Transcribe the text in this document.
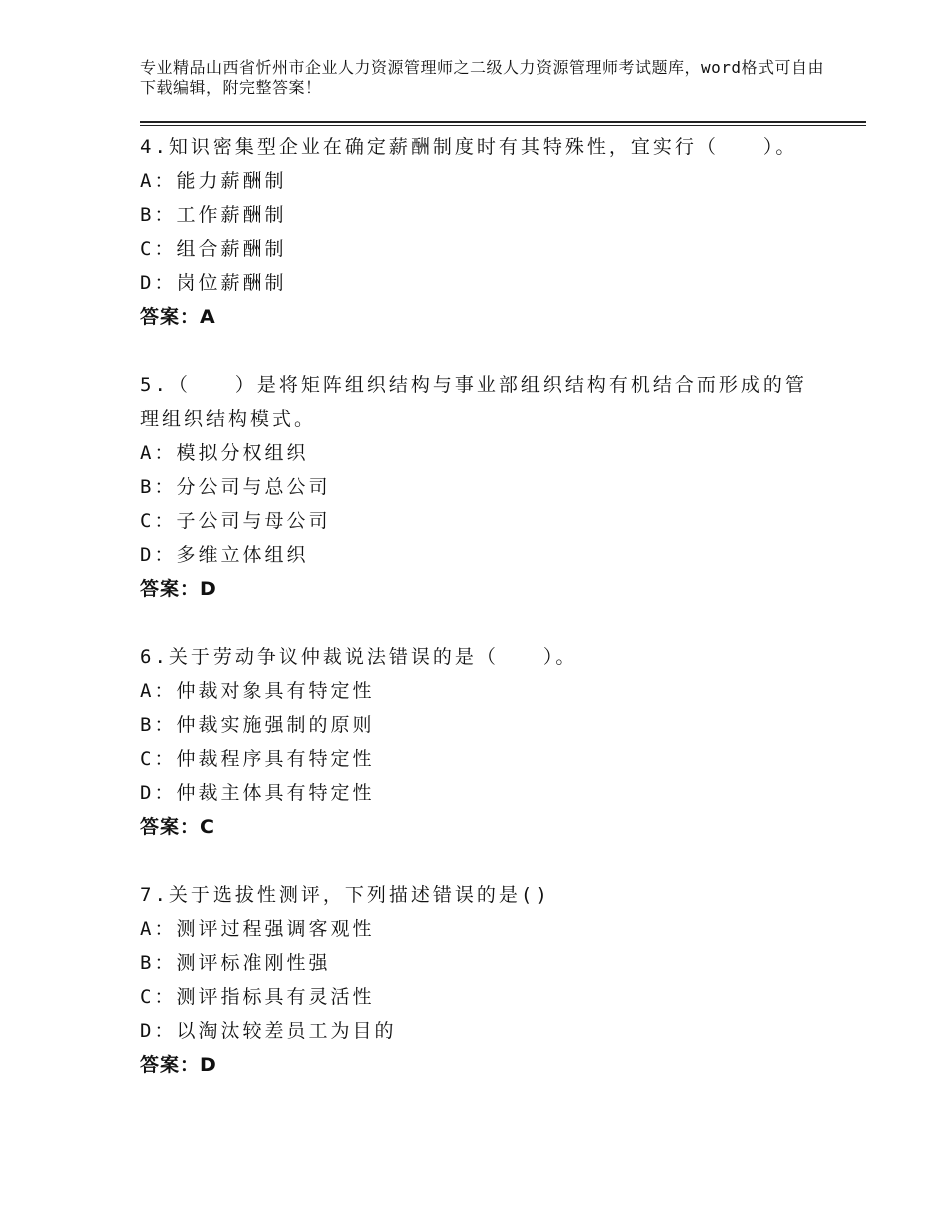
专业精品山西省忻州市企业人力资源管理师之二级人力资源管理师考试题库，word格式可自由下载编辑，附完整答案！
4.知识密集型企业在确定薪酬制度时有其特殊性，宜实行（　　）。
A：能力薪酬制
B：工作薪酬制
C：组合薪酬制
D：岗位薪酬制
答案：A
5.（　　）是将矩阵组织结构与事业部组织结构有机结合而形成的管
理组织结构模式。
A：模拟分权组织
B：分公司与总公司
C：子公司与母公司
D：多维立体组织
答案：D
6.关于劳动争议仲裁说法错误的是（　　）。
A：仲裁对象具有特定性
B：仲裁实施强制的原则
C：仲裁程序具有特定性
D：仲裁主体具有特定性
答案：C
7.关于选拔性测评，下列描述错误的是()
A：测评过程强调客观性
B：测评标准刚性强
C：测评指标具有灵活性
D：以淘汰较差员工为目的
答案：D
